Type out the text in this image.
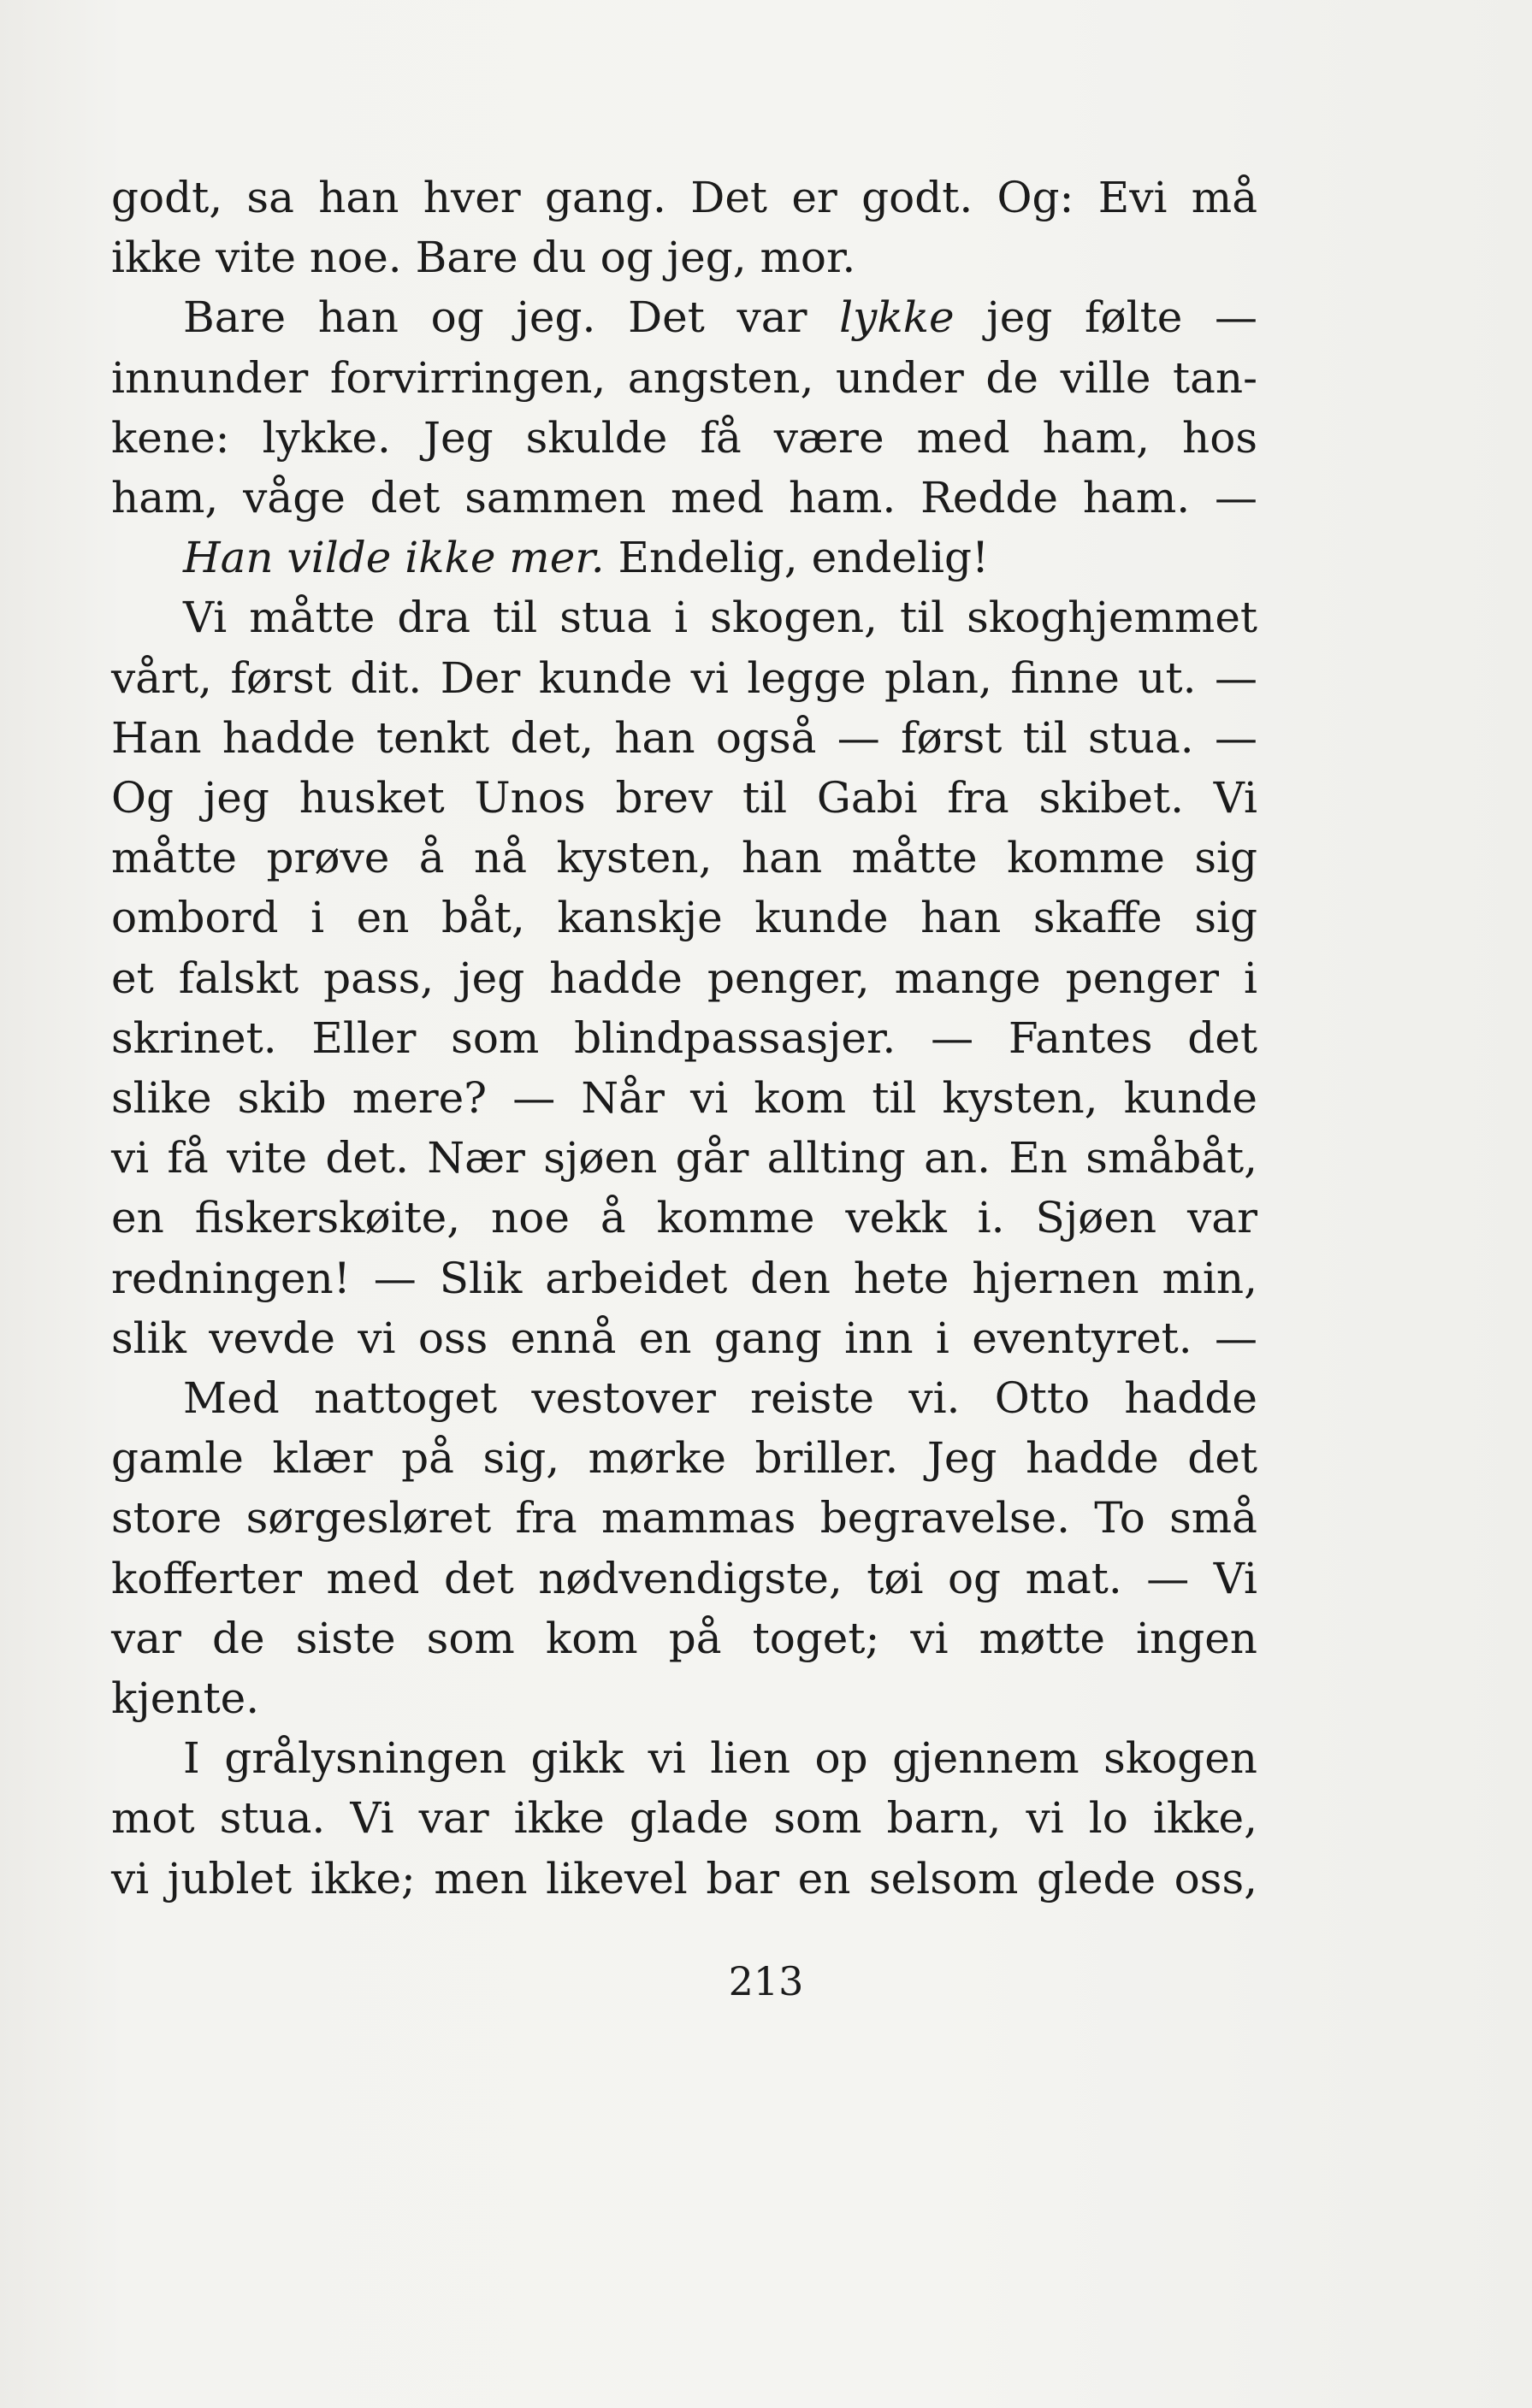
godt, sa han hver gang. Det er godt. Og: Evi må
ikke vite noe. Bare du og jeg, mor.
Bare han og jeg. Det var lykke jeg følte —
innunder forvirringen, angsten, under de ville tan-
kene: lykke. Jeg skulde få være med ham, hos
ham, våge det sammen med ham. Redde ham. —
Han vilde ikke mer. Endelig, endelig!
Vi måtte dra til stua i skogen, til skoghjemmet
vårt, først dit. Der kunde vi legge plan, finne ut. —
Han hadde tenkt det, han også — først til stua. —
Og jeg husket Unos brev til Gabi fra skibet. Vi
måtte prøve å nå kysten, han måtte komme sig
ombord i en båt, kanskje kunde han skaffe sig
et falskt pass, jeg hadde penger, mange penger i
skrinet. Eller som blindpassasjer. — Fantes det
slike skib mere? — Når vi kom til kysten, kunde
vi få vite det. Nær sjøen går allting an. En småbåt,
en fiskerskøite, noe å komme vekk i. Sjøen var
redningen! — Slik arbeidet den hete hjernen min,
slik vevde vi oss ennå en gang inn i eventyret. —
Med nattoget vestover reiste vi. Otto hadde
gamle klær på sig, mørke briller. Jeg hadde det
store sørgesløret fra mammas begravelse. To små
kofferter med det nødvendigste, tøi og mat. — Vi
var de siste som kom på toget; vi møtte ingen
kjente.
I grålysningen gikk vi lien op gjennem skogen
mot stua. Vi var ikke glade som barn, vi lo ikke,
vi jublet ikke; men likevel bar en selsom glede oss,
213
